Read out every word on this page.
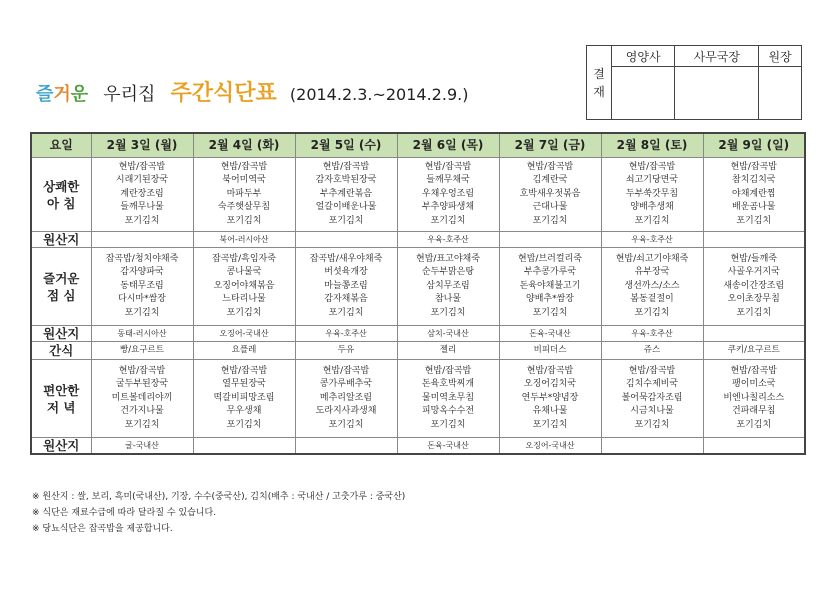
즐거운 우리집 주간식단표 (2014.2.3.~2014.2.9.)
결
재	영양사	사무국장	원장

요일	2월 3일 (월)	2월 4일 (화)	2월 5일 (수)	2월 6일 (목)	2월 7일 (금)	2월 8일 (토)	2월 9일 (일)
상쾌한
아 침	현밥/잡곡밥
시래기된장국
계란장조림
들깨무나물
포기김치	현밥/잡곡밥
북어미역국
마파두부
숙주햇살무침
포기김치	현밥/잡곡밥
감자호박된장국
부추계란볶음
얼갈이배운나물
포기김치	현밥/잡곡밥
들깨무채국
우채우엉조림
부추양파생채
포기김치	현밥/잡곡밥
김계란국
호박새우젓볶음
근대나물
포기김치	현밥/잡곡밥
쇠고기당면국
두부쑥갓무침
양배추생채
포기김치	현밥/잡곡밥
참치김치국
야채계란찜
배운곰나물
포기김치

원산지		북어-러시아산		우육-호주산		우육-호주산	
즐거운
점 심	잡곡밥/청치야채죽
감자양파국
동태무조림
다시마*쌈장
포기김치	잡곡밥/흑임자죽
콩나물국
오징어야채볶음
느타리나물
포기김치	잡곡밥/새우야채죽
버섯육개장
마늘쫑조림
감자채볶음
포기김치	현밥/표고야채죽
순두부맑은탕
삼치무조림
참나물
포기김치	현밥/브러컬리죽
부추콩가루국
돈육야채불고기
양배추*쌈장
포기김치	현밥/쇠고기야채죽
유부장국
생선까스/소스
봄동겉절이
포기김치	현밥/들깨죽
사골우거지국
새송이간장조림
오이초장무침
포기김치

원산지	동태-러시아산	오징어-국내산	우육-호주산	삼치-국내산	돈육-국내산	우육-호주산	
간식	빵/요구르트	요플레	두유	젤리	비피더스	쥬스	쿠키/요구르트
편안한
저 녁	현밥/잡곡밥
굴두부된장국
미트볼데리야끼
건가지나물
포기김치	현밥/잡곡밥
열무된장국
떡갈비피망조림
무우생채
포기김치	현밥/잡곡밥
콩가루배추국
메추리알조림
도라지사과생채
포기김치	현밥/잡곡밥
돈육호박찌개
물미역초무침
피망옥수수전
포기김치	현밥/잡곡밥
오징어김치국
연두부*양념장
유채나물
포기김치	현밥/잡곡밥
김치수제비국
볼어묵감자조림
시금치나물
포기김치	현밥/잡곡밥
팽이미소국
비엔나칠리소스
건파래무침
포기김치

원산지	굴-국내산			돈육-국내산	오징어-국내산		
※ 원산지 : 쌀, 보리, 흑미(국내산), 기장, 수수(중국산), 김치(배추 : 국내산 / 고춧가루 : 중국산)
※ 식단은 재료수급에 따라 달라질 수 있습니다.
※ 당뇨식단은 잡곡밥을 제공합니다.
